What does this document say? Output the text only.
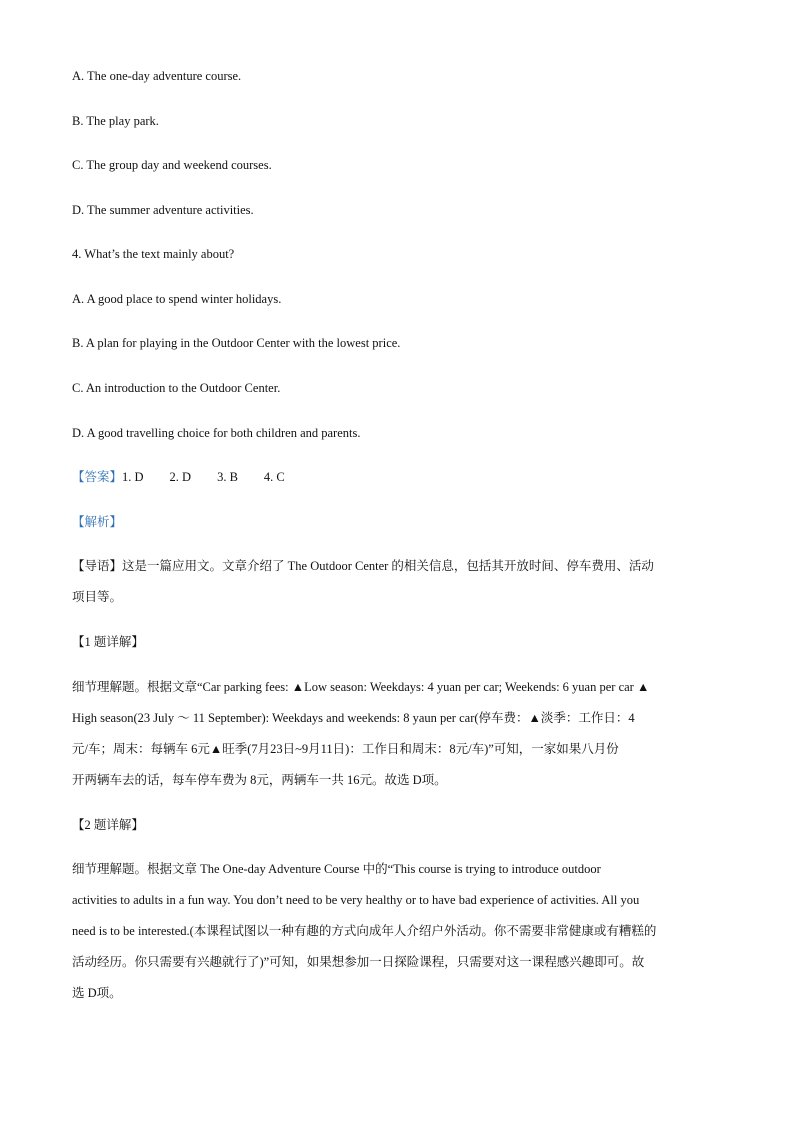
A. The one-day adventure course.
B. The play park.
C. The group day and weekend courses.
D. The summer adventure activities.
4. What’s the text mainly about?
A. A good place to spend winter holidays.
B. A plan for playing in the Outdoor Center with the lowest price.
C. An introduction to the Outdoor Center.
D. A good travelling choice for both children and parents.
【答案】1. D 2. D 3. B 4. C
【解析】
【导语】这是一篇应用文。文章介绍了 The Outdoor Center 的相关信息，包括其开放时间、停车费用、活动
项目等。
【1 题详解】
细节理解题。根据文章“Car parking fees: ▲Low season: Weekdays: 4 yuan per car; Weekends: 6 yuan per car ▲
High season(23 July ～ 11 September): Weekdays and weekends: 8 yaun per car(停车费：▲淡季：工作日：4
元/车；周末：每辆车 6元▲旺季(7月23日~9月11日)：工作日和周末：8元/车)”可知，一家如果八月份
开两辆车去的话，每车停车费为 8元，两辆车一共 16元。故选 D项。
【2 题详解】
细节理解题。根据文章 The One-day Adventure Course 中的“This course is trying to introduce outdoor
activities to adults in a fun way. You don’t need to be very healthy or to have bad experience of activities. All you
need is to be interested.(本课程试图以一种有趣的方式向成年人介绍户外活动。你不需要非常健康或有糟糕的
活动经历。你只需要有兴趣就行了)”可知，如果想参加一日探险课程，只需要对这一课程感兴趣即可。故
选 D项。
